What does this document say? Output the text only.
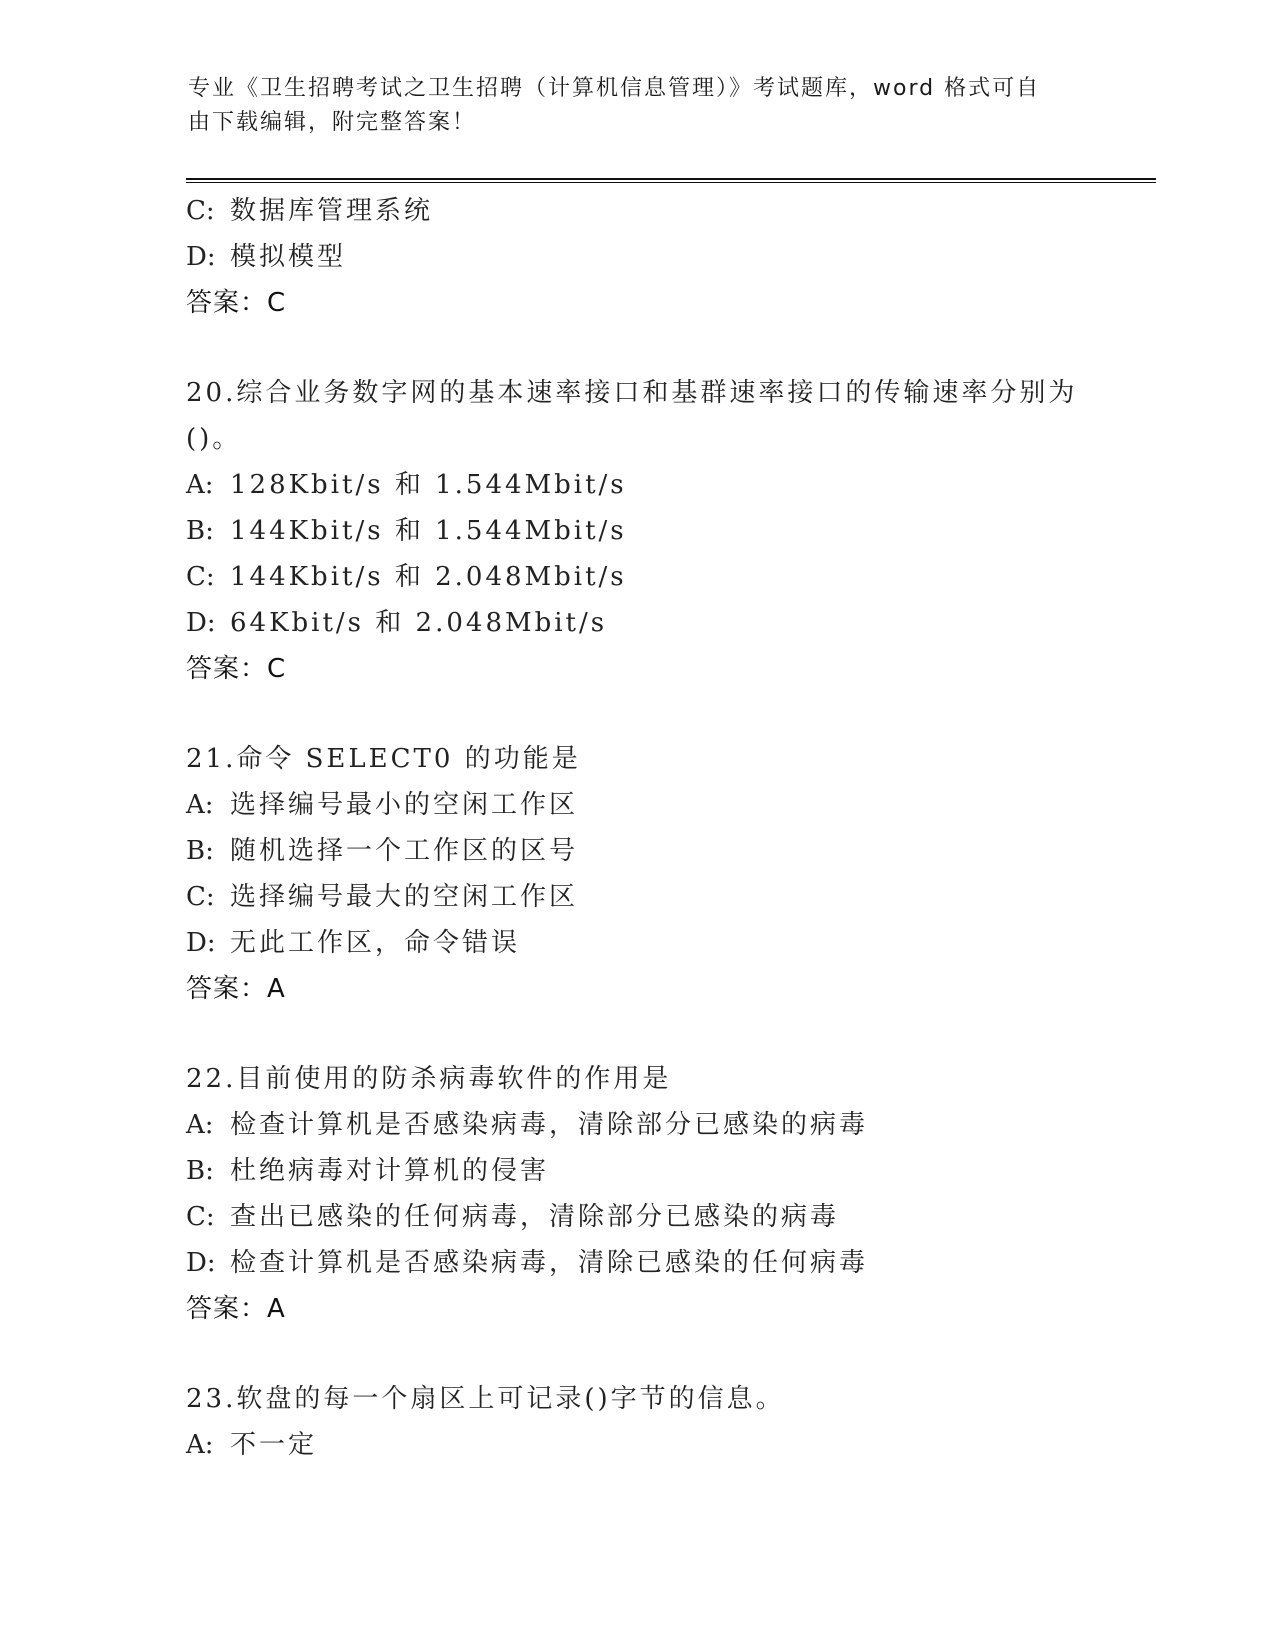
专业《卫生招聘考试之卫生招聘（计算机信息管理）》考试题库，word 格式可自
由下载编辑，附完整答案！
C: 数据库管理系统
D: 模拟模型
答案：C
20.综合业务数字网的基本速率接口和基群速率接口的传输速率分别为
()。
A: 128Kbit/s 和 1.544Mbit/s
B: 144Kbit/s 和 1.544Mbit/s
C: 144Kbit/s 和 2.048Mbit/s
D: 64Kbit/s 和 2.048Mbit/s
答案：C
21.命令 SELECT0 的功能是
A: 选择编号最小的空闲工作区
B: 随机选择一个工作区的区号
C: 选择编号最大的空闲工作区
D: 无此工作区，命令错误
答案：A
22.目前使用的防杀病毒软件的作用是
A: 检查计算机是否感染病毒，清除部分已感染的病毒
B: 杜绝病毒对计算机的侵害
C: 查出已感染的任何病毒，清除部分已感染的病毒
D: 检查计算机是否感染病毒，清除已感染的任何病毒
答案：A
23.软盘的每一个扇区上可记录()字节的信息。
A: 不一定
